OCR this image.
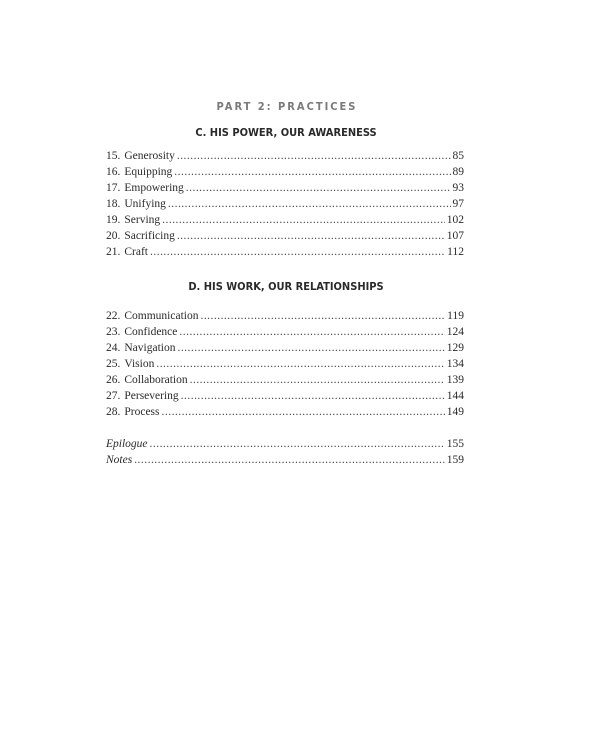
PART 2: PRACTICES
C. HIS POWER, OUR AWARENESS
15. Generosity . . .	85
16. Equipping . . .	89
17. Empowering . . .	93
18. Unifying . . .	97
19. Serving . . .	102
20. Sacrificing . . .	107
21. Craft . . .	112
D. HIS WORK, OUR RELATIONSHIPS
22. Communication . . .	119
23. Confidence . . .	124
24. Navigation . . .	129
25. Vision . . .	134
26. Collaboration . . .	139
27. Persevering . . .	144
28. Process . . .	149
Epilogue . . .	155
Notes . . .	159
